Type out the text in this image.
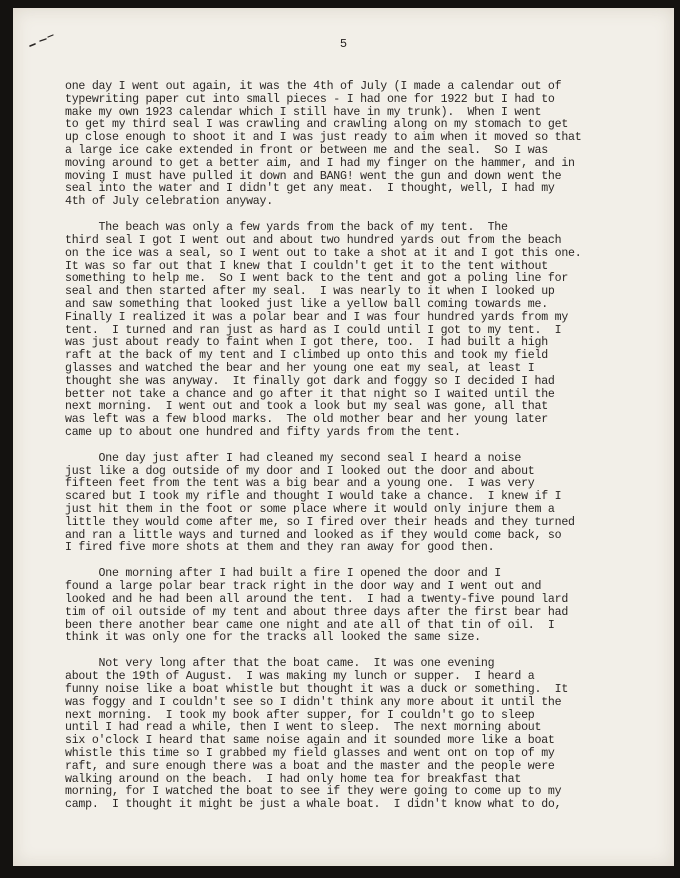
5
one day I went out again, it was the 4th of July (I made a calendar out of
typewriting paper cut into small pieces - I had one for 1922 but I had to
make my own 1923 calendar which I still have in my trunk).  When I went
to get my third seal I was crawling and crawling along on my stomach to get
up close enough to shoot it and I was just ready to aim when it moved so that
a large ice cake extended in front or between me and the seal.  So I was
moving around to get a better aim, and I had my finger on the hammer, and in
moving I must have pulled it down and BANG! went the gun and down went the
seal into the water and I didn't get any meat.  I thought, well, I had my
4th of July celebration anyway.
The beach was only a few yards from the back of my tent.  The
third seal I got I went out and about two hundred yards out from the beach
on the ice was a seal, so I went out to take a shot at it and I got this one.
It was so far out that I knew that I couldn't get it to the tent without
something to help me.  So I went back to the tent and got a poling line for
seal and then started after my seal.  I was nearly to it when I looked up
and saw something that looked just like a yellow ball coming towards me.
Finally I realized it was a polar bear and I was four hundred yards from my
tent.  I turned and ran just as hard as I could until I got to my tent.  I
was just about ready to faint when I got there, too.  I had built a high
raft at the back of my tent and I climbed up onto this and took my field
glasses and watched the bear and her young one eat my seal, at least I
thought she was anyway.  It finally got dark and foggy so I decided I had
better not take a chance and go after it that night so I waited until the
next morning.  I went out and took a look but my seal was gone, all that
was left was a few blood marks.  The old mother bear and her young later
came up to about one hundred and fifty yards from the tent.
One day just after I had cleaned my second seal I heard a noise
just like a dog outside of my door and I looked out the door and about
fifteen feet from the tent was a big bear and a young one.  I was very
scared but I took my rifle and thought I would take a chance.  I knew if I
just hit them in the foot or some place where it would only injure them a
little they would come after me, so I fired over their heads and they turned
and ran a little ways and turned and looked as if they would come back, so
I fired five more shots at them and they ran away for good then.
One morning after I had built a fire I opened the door and I
found a large polar bear track right in the door way and I went out and
looked and he had been all around the tent.  I had a twenty-five pound lard
tim of oil outside of my tent and about three days after the first bear had
been there another bear came one night and ate all of that tin of oil.  I
think it was only one for the tracks all looked the same size.
Not very long after that the boat came.  It was one evening
about the 19th of August.  I was making my lunch or supper.  I heard a
funny noise like a boat whistle but thought it was a duck or something.  It
was foggy and I couldn't see so I didn't think any more about it until the
next morning.  I took my book after supper, for I couldn't go to sleep
until I had read a while, then I went to sleep.  The next morning about
six o'clock I heard that same noise again and it sounded more like a boat
whistle this time so I grabbed my field glasses and went ont on top of my
raft, and sure enough there was a boat and the master and the people were
walking around on the beach.  I had only home tea for breakfast that
morning, for I watched the boat to see if they were going to come up to my
camp.  I thought it might be just a whale boat.  I didn't know what to do,
